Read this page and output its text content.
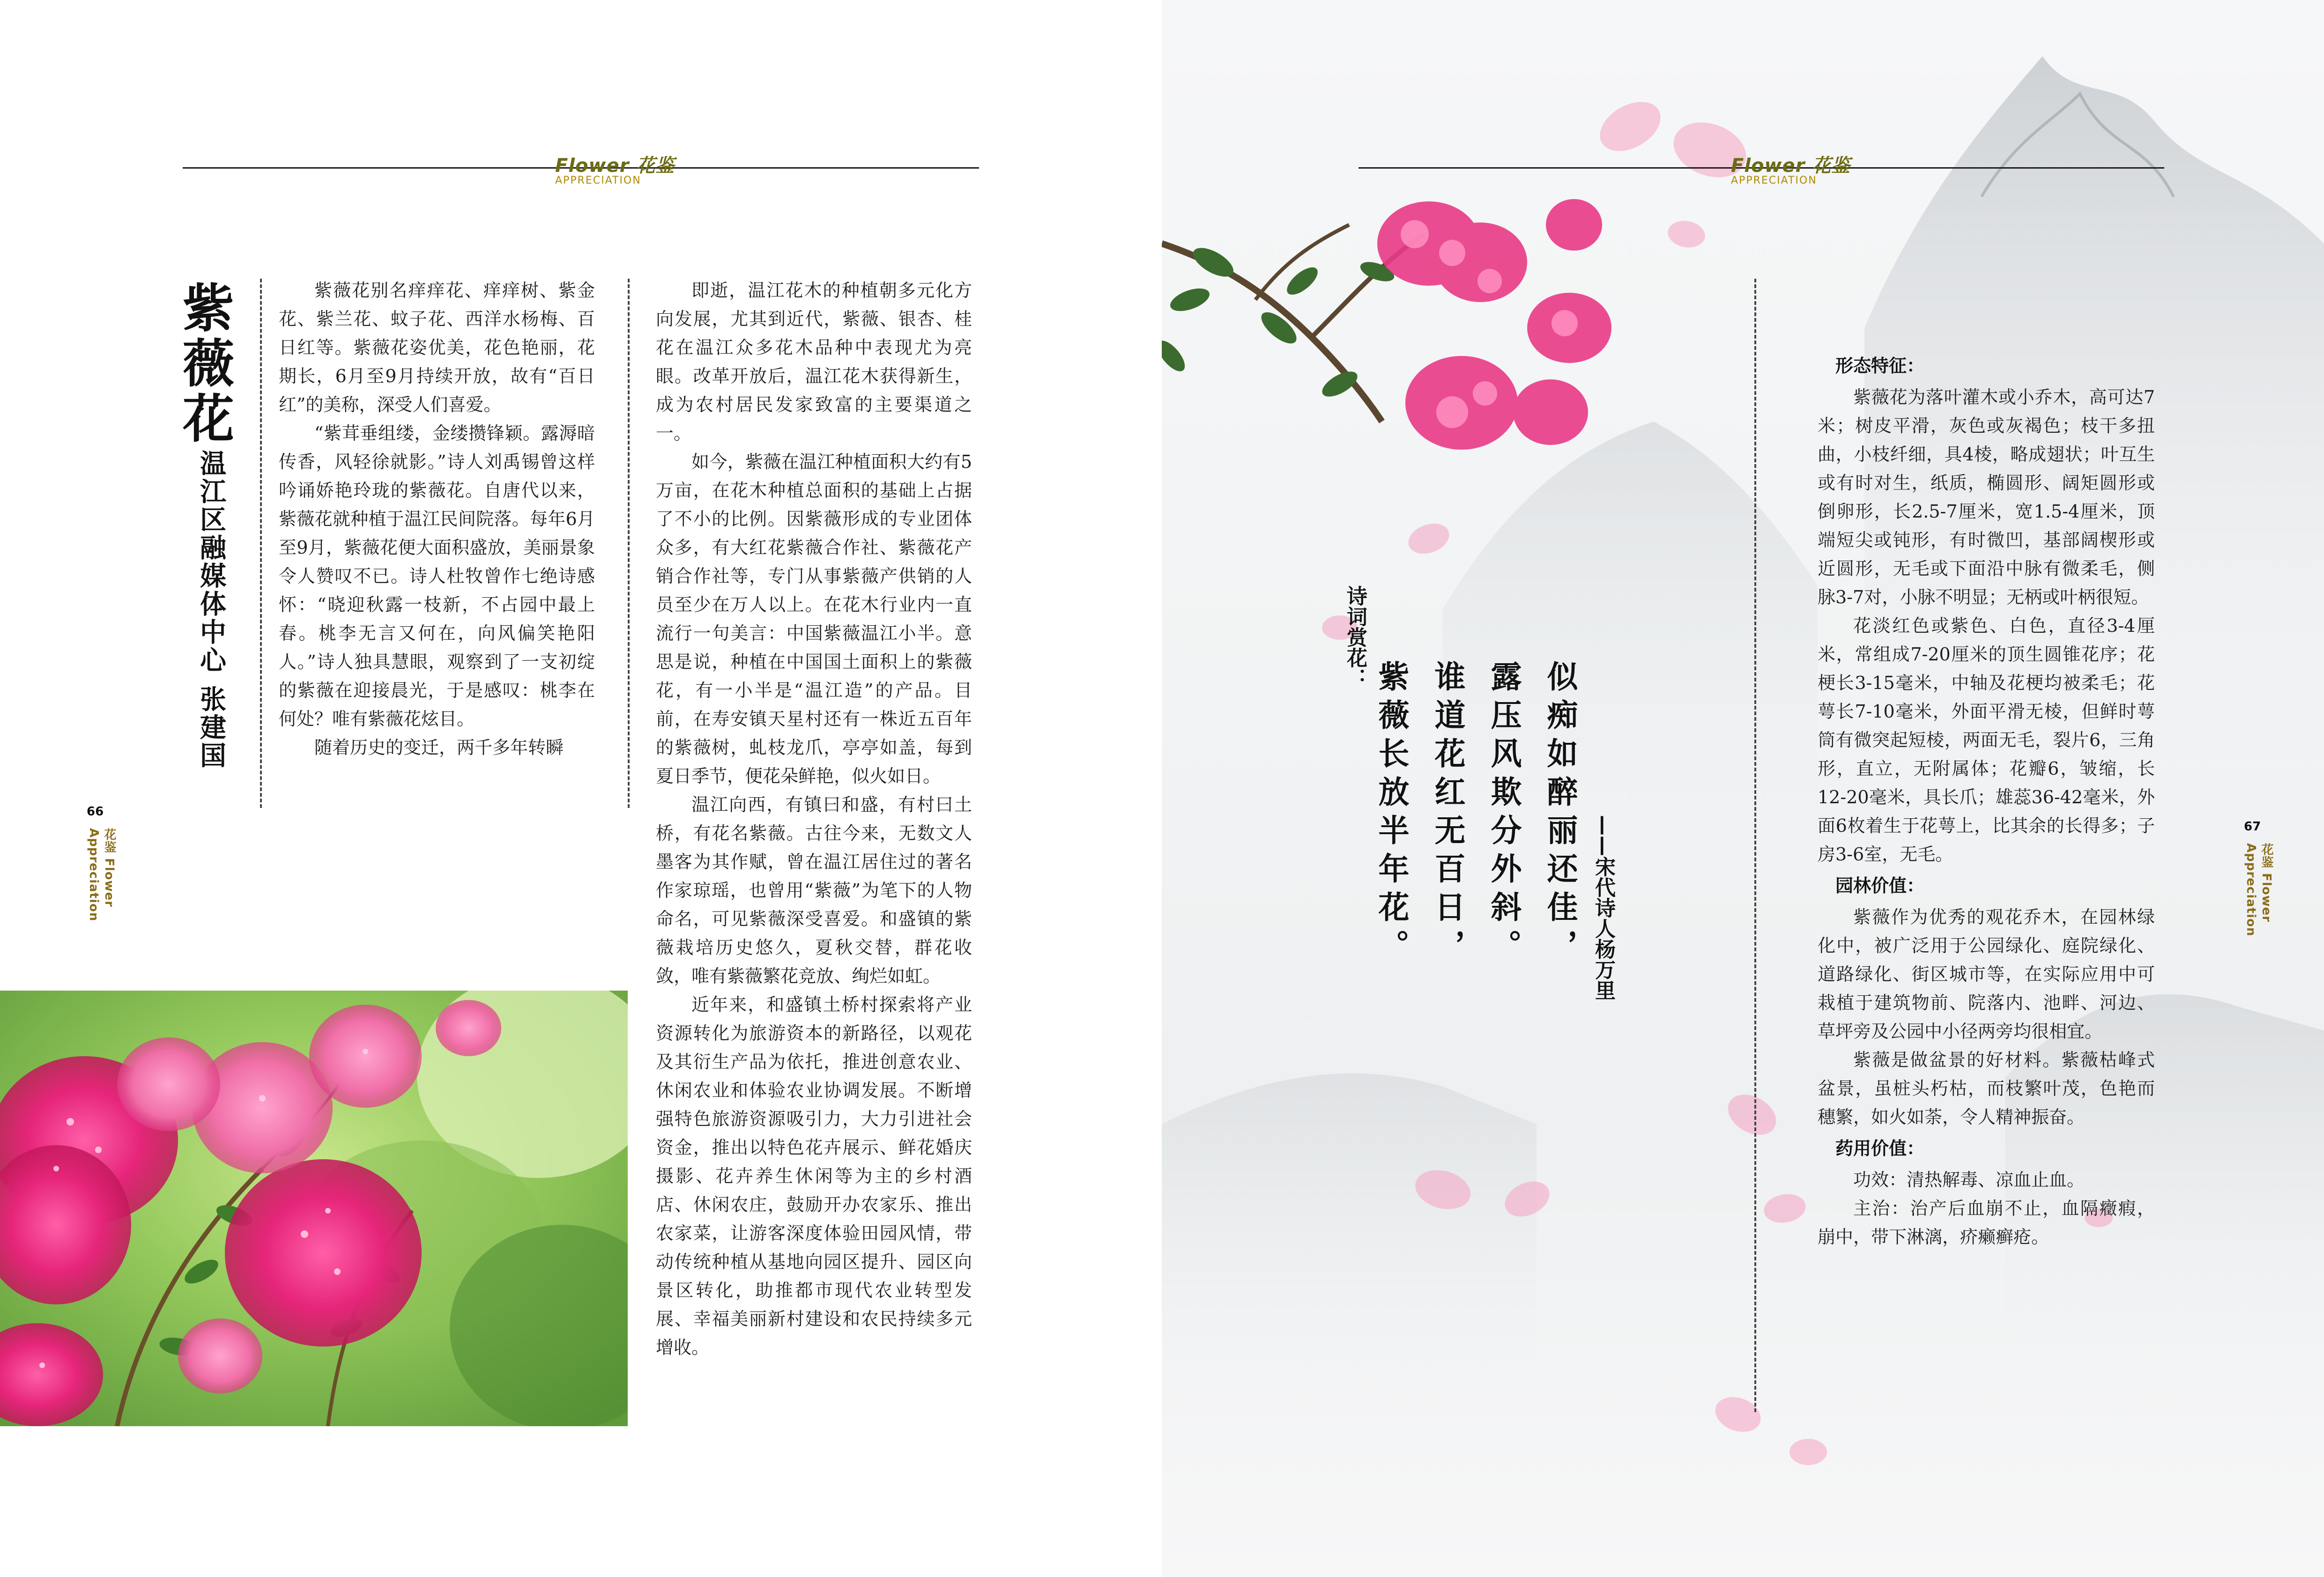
Flower 花鉴
APPRECIATION
紫薇花
温江区融媒体中心 张建国

紫薇花别名痒痒花、痒痒树、紫金花、紫兰花、蚊子花、西洋水杨梅、百日红等。紫薇花姿优美，花色艳丽，花期长，6月至9月持续开放，故有“百日红”的美称，深受人们喜爱。

“紫茸垂组缕，金缕攒锋颖。露溽暗传香，风轻徐就影。”诗人刘禹锡曾这样吟诵娇艳玲珑的紫薇花。自唐代以来，紫薇花就种植于温江民间院落。每年6月至9月，紫薇花便大面积盛放，美丽景象令人赞叹不已。诗人杜牧曾作七绝诗感怀：“晓迎秋露一枝新，不占园中最上春。桃李无言又何在，向风偏笑艳阳人。”诗人独具慧眼，观察到了一支初绽的紫薇在迎接晨光，于是感叹：桃李在何处？唯有紫薇花炫目。

随着历史的变迁，两千多年转瞬

即逝，温江花木的种植朝多元化方向发展，尤其到近代，紫薇、银杏、桂花在温江众多花木品种中表现尤为亮眼。改革开放后，温江花木获得新生，成为农村居民发家致富的主要渠道之一。

如今，紫薇在温江种植面积大约有5万亩，在花木种植总面积的基础上占据了不小的比例。因紫薇形成的专业团体众多，有大红花紫薇合作社、紫薇花产销合作社等，专门从事紫薇产供销的人员至少在万人以上。在花木行业内一直流行一句美言：中国紫薇温江小半。意思是说，种植在中国国土面积上的紫薇花，有一小半是“温江造”的产品。目前，在寿安镇天星村还有一株近五百年的紫薇树，虬枝龙爪，亭亭如盖，每到夏日季节，便花朵鲜艳，似火如日。

温江向西，有镇曰和盛，有村曰土桥，有花名紫薇。古往今来，无数文人墨客为其作赋，曾在温江居住过的著名作家琼瑶，也曾用“紫薇”为笔下的人物命名，可见紫薇深受喜爱。和盛镇的紫薇栽培历史悠久，夏秋交替，群花收敛，唯有紫薇繁花竞放、绚烂如虹。

近年来，和盛镇土桥村探索将产业资源转化为旅游资本的新路径，以观花及其衍生产品为依托，推进创意农业、休闲农业和体验农业协调发展。不断增强特色旅游资源吸引力，大力引进社会资金，推出以特色花卉展示、鲜花婚庆摄影、花卉养生休闲等为主的乡村酒店、休闲农庄，鼓励开办农家乐、推出农家菜，让游客深度体验田园风情，带动传统种植从基地向园区提升、园区向景区转化，助推都市现代农业转型发展、幸福美丽新村建设和农民持续多元增收。

66
花鉴 Flower Appreciation
Flower 花鉴
APPRECIATION
诗词赏花：
似痴如醉丽还佳，
露压风欺分外斜。
谁道花红无百日，
紫薇长放半年花。	——宋代诗人杨万里
形态特征：

紫薇花为落叶灌木或小乔木，高可达7米；树皮平滑，灰色或灰褐色；枝干多扭曲，小枝纤细，具4棱，略成翅状；叶互生或有时对生，纸质，椭圆形、阔矩圆形或倒卵形，长2.5-7厘米，宽1.5-4厘米，顶端短尖或钝形，有时微凹，基部阔楔形或近圆形，无毛或下面沿中脉有微柔毛，侧脉3-7对，小脉不明显；无柄或叶柄很短。

花淡红色或紫色、白色，直径3-4厘米，常组成7-20厘米的顶生圆锥花序；花梗长3-15毫米，中轴及花梗均被柔毛；花萼长7-10毫米，外面平滑无棱，但鲜时萼筒有微突起短棱，两面无毛，裂片6，三角形，直立，无附属体；花瓣6，皱缩，长12-20毫米，具长爪；雄蕊36-42毫米，外面6枚着生于花萼上，比其余的长得多；子房3-6室，无毛。

园林价值：

紫薇作为优秀的观花乔木，在园林绿化中，被广泛用于公园绿化、庭院绿化、道路绿化、街区城市等，在实际应用中可栽植于建筑物前、院落内、池畔、河边、草坪旁及公园中小径两旁均很相宜。

紫薇是做盆景的好材料。紫薇枯峰式盆景，虽桩头朽枯，而枝繁叶茂，色艳而穗繁，如火如荼，令人精神振奋。

药用价值：

功效：清热解毒、凉血止血。

主治：治产后血崩不止，血隔癥瘕，崩中，带下淋漓，疥癞癣疮。

67
花鉴 Flower Appreciation
